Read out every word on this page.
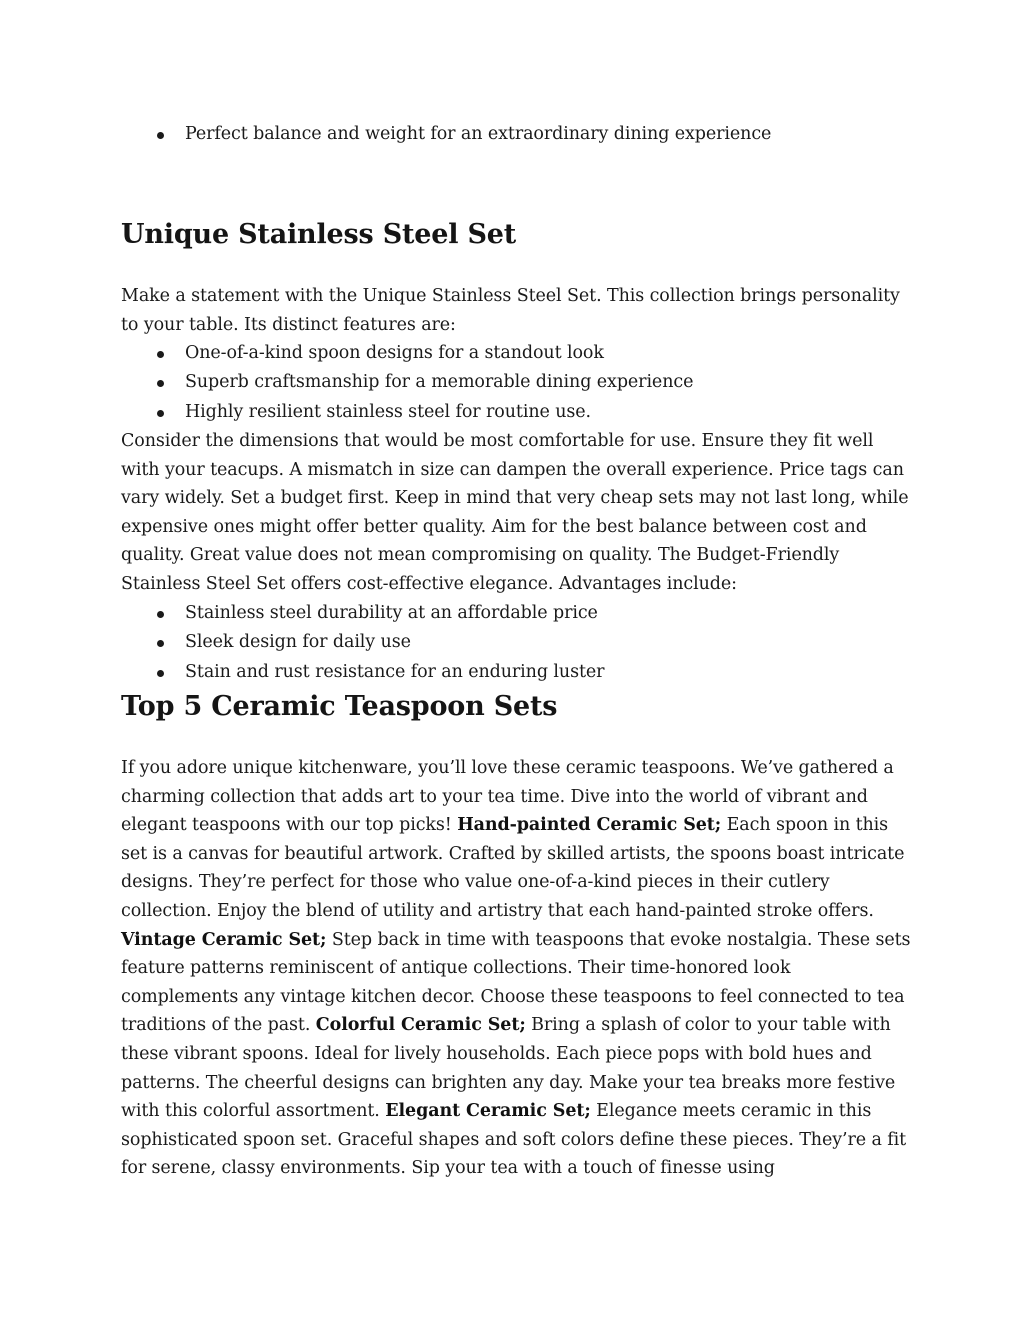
Perfect balance and weight for an extraordinary dining experience
Unique Stainless Steel Set

Make a statement with the Unique Stainless Steel Set. This collection brings personality to your table. Its distinct features are:

One-of-a-kind spoon designs for a standout look
Superb craftsmanship for a memorable dining experience
Highly resilient stainless steel for routine use.

Consider the dimensions that would be most comfortable for use. Ensure they fit well with your teacups. A mismatch in size can dampen the overall experience. Price tags can vary widely. Set a budget first. Keep in mind that very cheap sets may not last long, while expensive ones might offer better quality. Aim for the best balance between cost and quality. Great value does not mean compromising on quality. The Budget-Friendly Stainless Steel Set offers cost-effective elegance. Advantages include:

Stainless steel durability at an affordable price
Sleek design for daily use
Stain and rust resistance for an enduring luster
Top 5 Ceramic Teaspoon Sets

If you adore unique kitchenware, you’ll love these ceramic teaspoons. We’ve gathered a charming collection that adds art to your tea time. Dive into the world of vibrant and elegant teaspoons with our top picks! Hand-painted Ceramic Set; Each spoon in this set is a canvas for beautiful artwork. Crafted by skilled artists, the spoons boast intricate designs. They’re perfect for those who value one-of-a-kind pieces in their cutlery collection. Enjoy the blend of utility and artistry that each hand-painted stroke offers. Vintage Ceramic Set; Step back in time with teaspoons that evoke nostalgia. These sets feature patterns reminiscent of antique collections. Their time-honored look complements any vintage kitchen decor. Choose these teaspoons to feel connected to tea traditions of the past. Colorful Ceramic Set; Bring a splash of color to your table with these vibrant spoons. Ideal for lively households. Each piece pops with bold hues and patterns. The cheerful designs can brighten any day. Make your tea breaks more festive with this colorful assortment. Elegant Ceramic Set; Elegance meets ceramic in this sophisticated spoon set. Graceful shapes and soft colors define these pieces. They’re a fit for serene, classy environments. Sip your tea with a touch of finesse using
